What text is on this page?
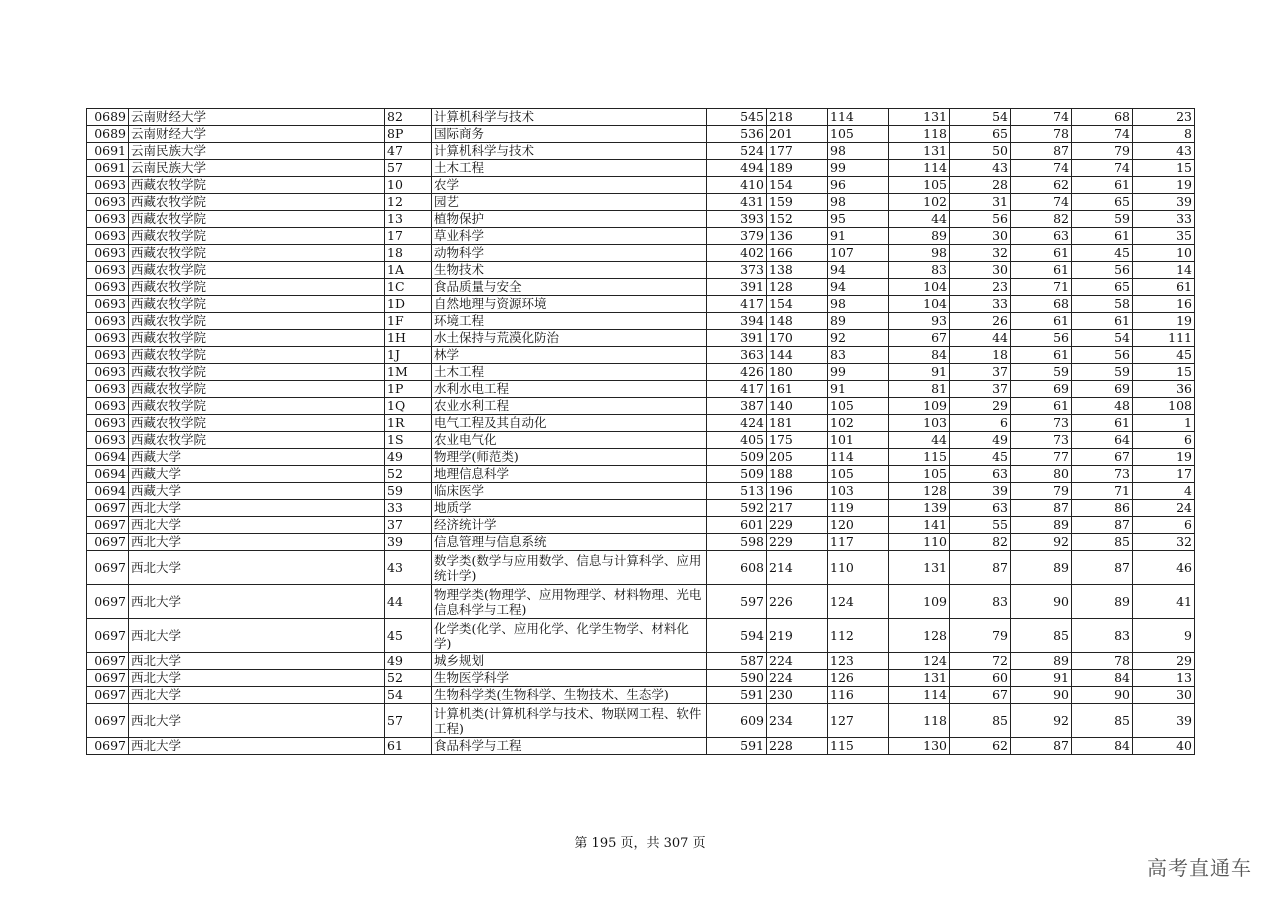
0689	云南财经大学	82	计算机科学与技术	545	218	114	131	54	74	68	23
0689	云南财经大学	8P	国际商务	536	201	105	118	65	78	74	8
0691	云南民族大学	47	计算机科学与技术	524	177	98	131	50	87	79	43
0691	云南民族大学	57	土木工程	494	189	99	114	43	74	74	15
0693	西藏农牧学院	10	农学	410	154	96	105	28	62	61	19
0693	西藏农牧学院	12	园艺	431	159	98	102	31	74	65	39
0693	西藏农牧学院	13	植物保护	393	152	95	44	56	82	59	33
0693	西藏农牧学院	17	草业科学	379	136	91	89	30	63	61	35
0693	西藏农牧学院	18	动物科学	402	166	107	98	32	61	45	10
0693	西藏农牧学院	1A	生物技术	373	138	94	83	30	61	56	14
0693	西藏农牧学院	1C	食品质量与安全	391	128	94	104	23	71	65	61
0693	西藏农牧学院	1D	自然地理与资源环境	417	154	98	104	33	68	58	16
0693	西藏农牧学院	1F	环境工程	394	148	89	93	26	61	61	19
0693	西藏农牧学院	1H	水土保持与荒漠化防治	391	170	92	67	44	56	54	111
0693	西藏农牧学院	1J	林学	363	144	83	84	18	61	56	45
0693	西藏农牧学院	1M	土木工程	426	180	99	91	37	59	59	15
0693	西藏农牧学院	1P	水利水电工程	417	161	91	81	37	69	69	36
0693	西藏农牧学院	1Q	农业水利工程	387	140	105	109	29	61	48	108
0693	西藏农牧学院	1R	电气工程及其自动化	424	181	102	103	6	73	61	1
0693	西藏农牧学院	1S	农业电气化	405	175	101	44	49	73	64	6
0694	西藏大学	49	物理学(师范类)	509	205	114	115	45	77	67	19
0694	西藏大学	52	地理信息科学	509	188	105	105	63	80	73	17
0694	西藏大学	59	临床医学	513	196	103	128	39	79	71	4
0697	西北大学	33	地质学	592	217	119	139	63	87	86	24
0697	西北大学	37	经济统计学	601	229	120	141	55	89	87	6
0697	西北大学	39	信息管理与信息系统	598	229	117	110	82	92	85	32
0697	西北大学	43	数学类(数学与应用数学、信息与计算科学、应用统计学)	608	214	110	131	87	89	87	46
0697	西北大学	44	物理学类(物理学、应用物理学、材料物理、光电信息科学与工程)	597	226	124	109	83	90	89	41
0697	西北大学	45	化学类(化学、应用化学、化学生物学、材料化学)	594	219	112	128	79	85	83	9
0697	西北大学	49	城乡规划	587	224	123	124	72	89	78	29
0697	西北大学	52	生物医学科学	590	224	126	131	60	91	84	13
0697	西北大学	54	生物科学类(生物科学、生物技术、生态学)	591	230	116	114	67	90	90	30
0697	西北大学	57	计算机类(计算机科学与技术、物联网工程、软件工程)	609	234	127	118	85	92	85	39
0697	西北大学	61	食品科学与工程	591	228	115	130	62	87	84	40
第 195 页，共 307 页
高考直通车
